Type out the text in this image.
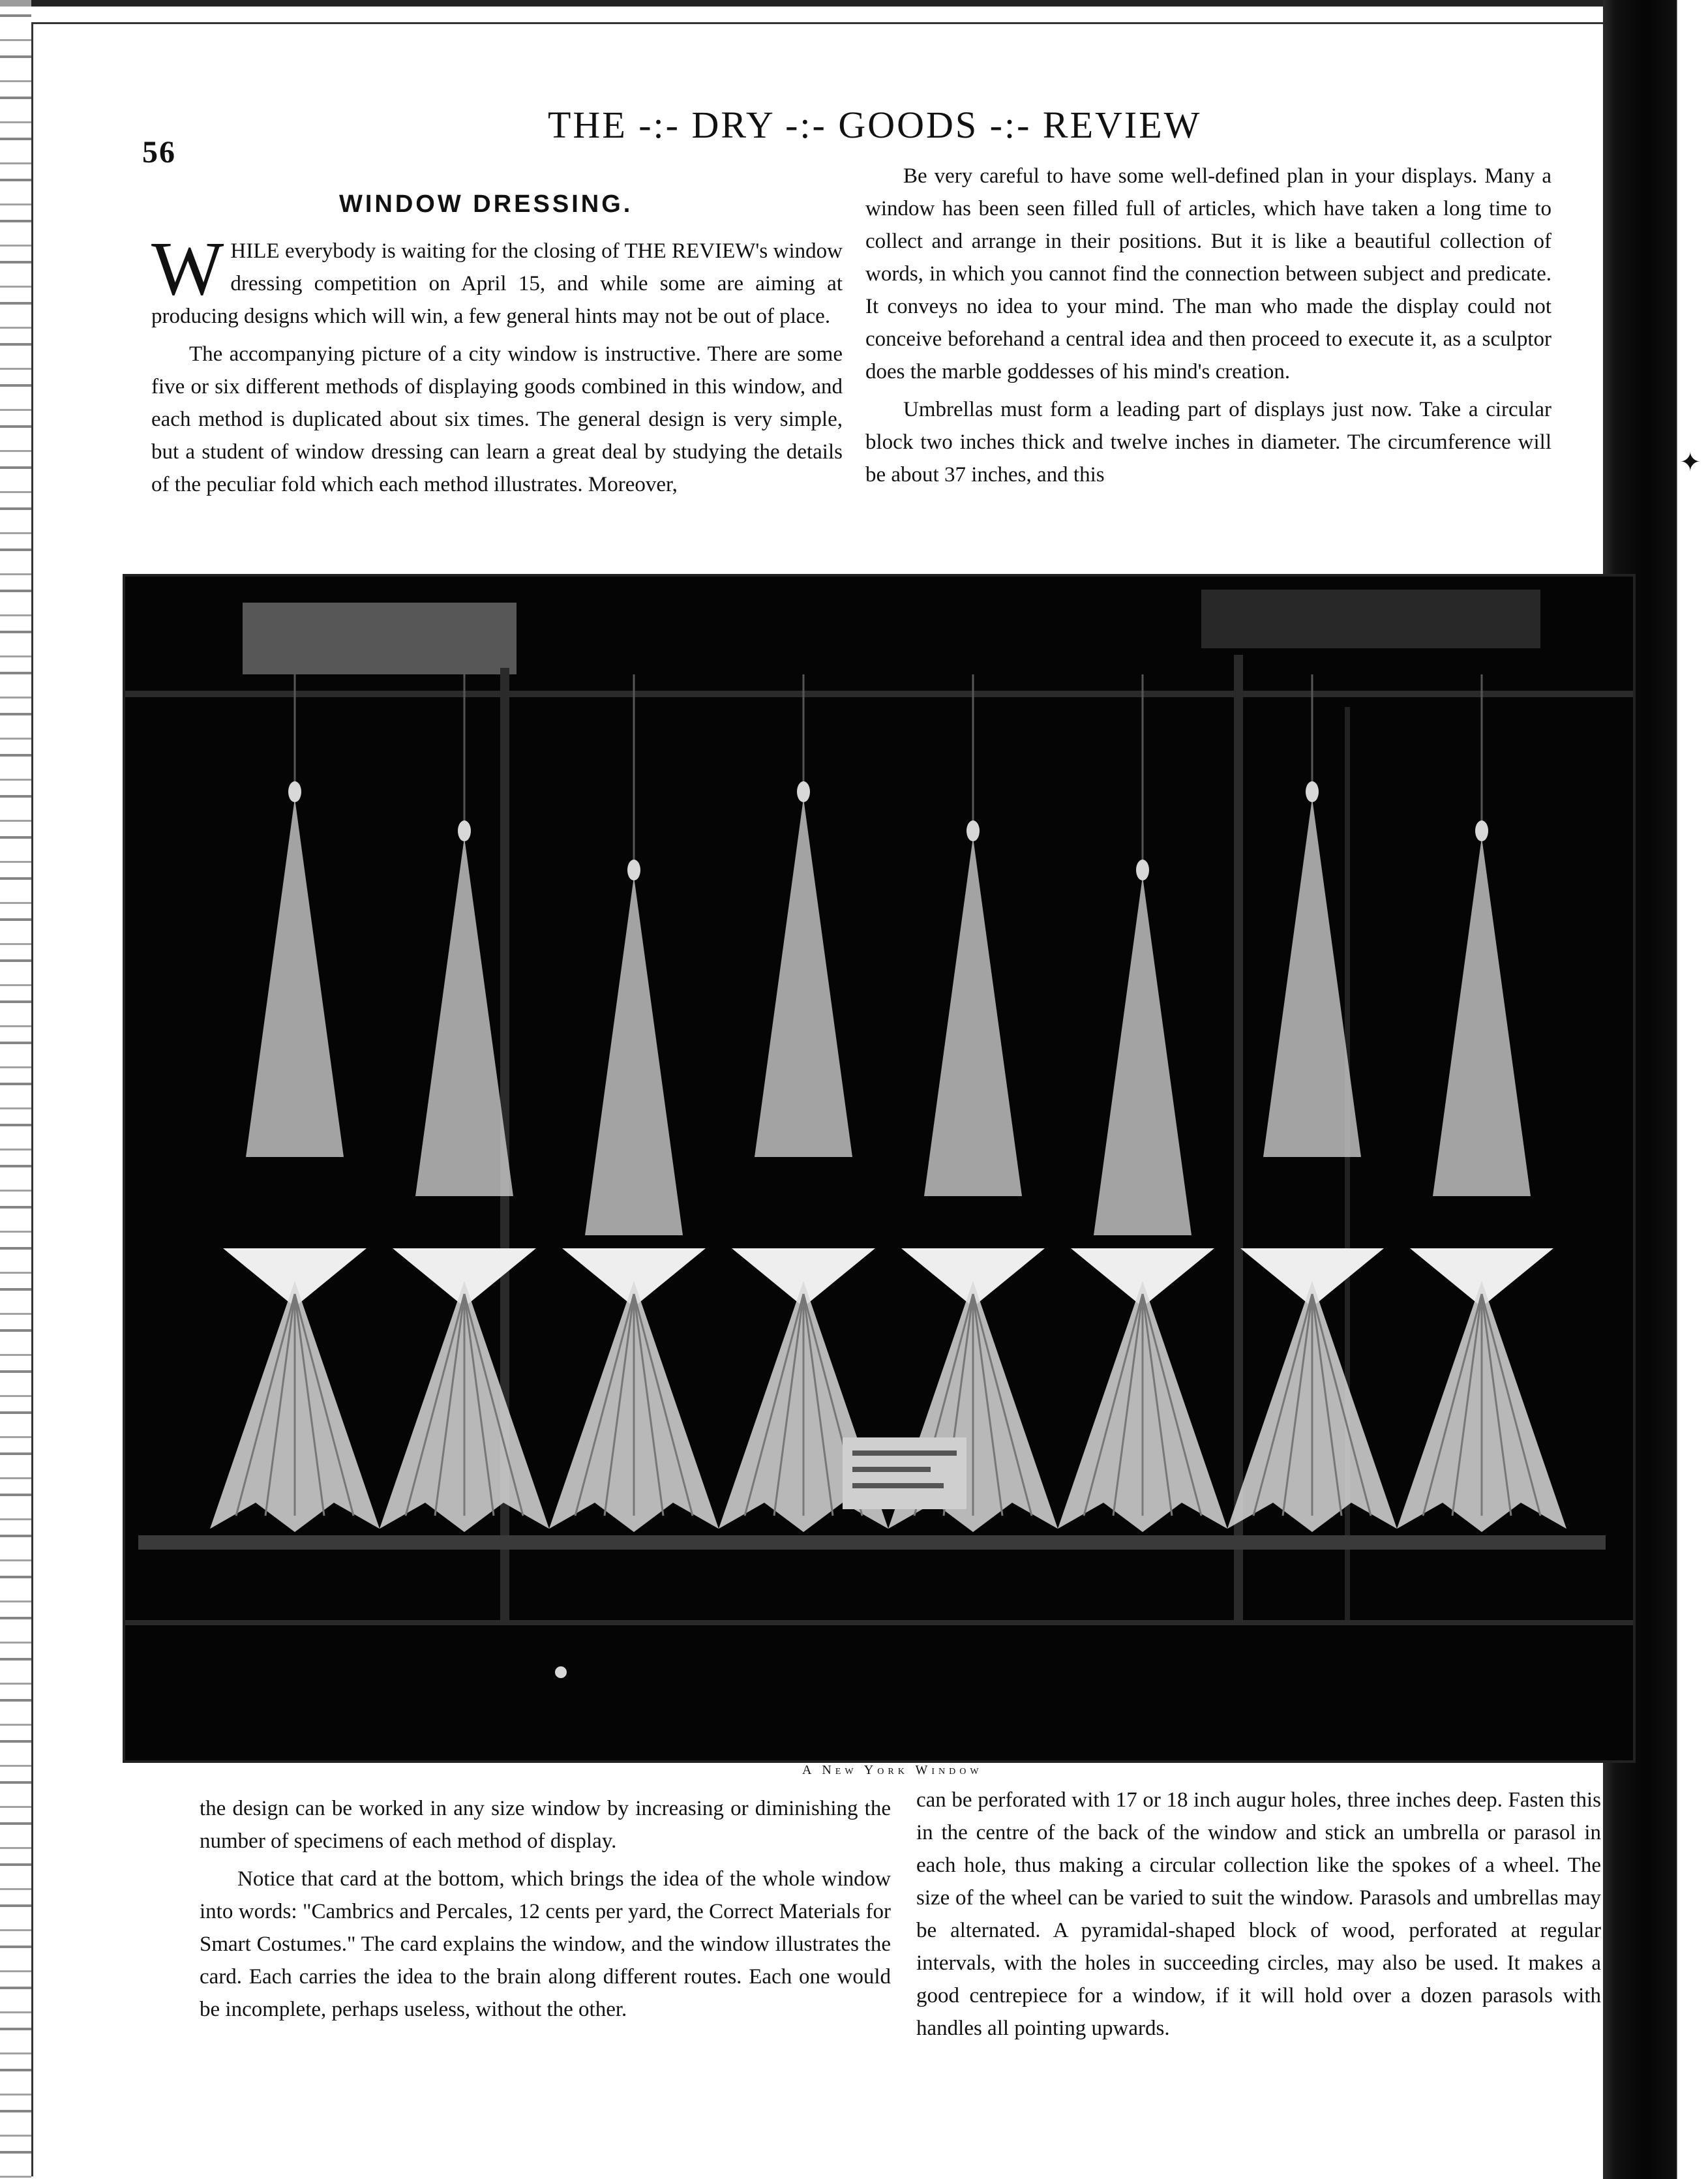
✦
56
THE -:- DRY -:- GOODS -:- REVIEW
WINDOW DRESSING.

WHILE everybody is waiting for the closing of THE REVIEW's window dressing competition on April 15, and while some are aiming at producing designs which will win, a few general hints may not be out of place.

The accompanying picture of a city window is instructive. There are some five or six different methods of displaying goods combined in this window, and each method is duplicated about six times. The general design is very simple, but a student of window dressing can learn a great deal by studying the details of the peculiar fold which each method illustrates. Moreover,

Be very careful to have some well-defined plan in your displays. Many a window has been seen filled full of articles, which have taken a long time to collect and arrange in their positions. But it is like a beautiful collection of words, in which you cannot find the connection between subject and predicate. It conveys no idea to your mind. The man who made the display could not conceive beforehand a central idea and then proceed to execute it, as a sculptor does the marble goddesses of his mind's creation.

Umbrellas must form a leading part of displays just now. Take a circular block two inches thick and twelve inches in diameter. The circumference will be about 37 inches, and this

A New York Window

the design can be worked in any size window by increasing or diminishing the number of specimens of each method of display.

Notice that card at the bottom, which brings the idea of the whole window into words: "Cambrics and Percales, 12 cents per yard, the Correct Materials for Smart Costumes." The card explains the window, and the window illustrates the card. Each carries the idea to the brain along different routes. Each one would be incomplete, perhaps useless, without the other.

can be perforated with 17 or 18 inch augur holes, three inches deep. Fasten this in the centre of the back of the window and stick an umbrella or parasol in each hole, thus making a circular collection like the spokes of a wheel. The size of the wheel can be varied to suit the window. Parasols and umbrellas may be alternated. A pyramidal-shaped block of wood, perforated at regular intervals, with the holes in succeeding circles, may also be used. It makes a good centrepiece for a window, if it will hold over a dozen parasols with handles all pointing upwards.
